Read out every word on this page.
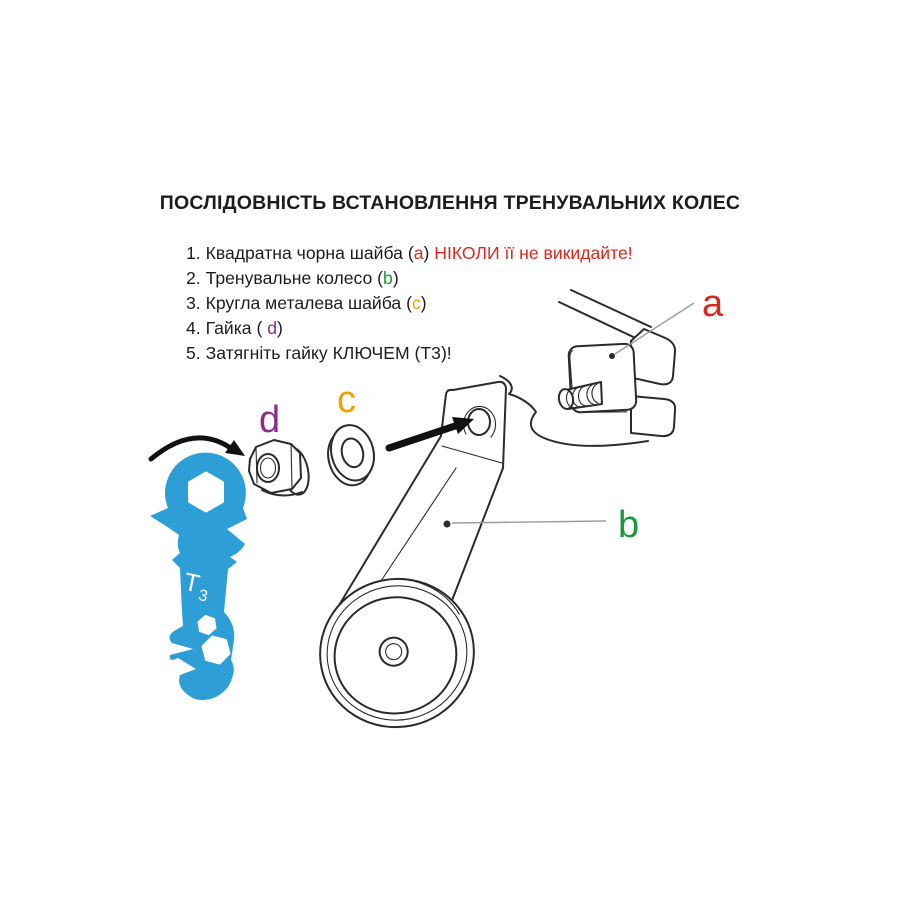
ПОСЛІДОВНІСТЬ ВСТАНОВЛЕННЯ ТРЕНУВАЛЬНИХ КОЛЕС
1. Квадратна чорна шайба (a) НІКОЛИ її не викидайте!
2. Тренувальне колесо (b)
3. Кругла металева шайба (c)
4. Гайка ( d)
5. Затягніть гайку КЛЮЧЕМ (Т3)!
a
b
c
d
Т
3
